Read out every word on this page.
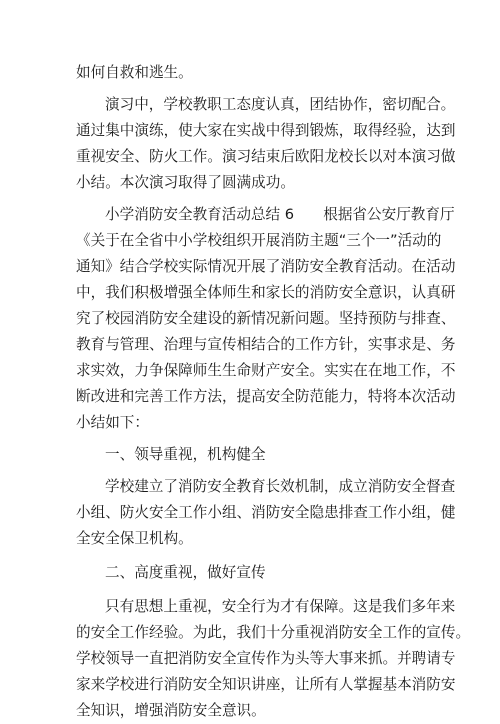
如何自救和逃生。
演习中，学校教职工态度认真，团结协作，密切配合。
通过集中演练，使大家在实战中得到锻炼，取得经验，达到
重视安全、防火工作。演习结束后欧阳龙校长以对本演习做
小结。本次演习取得了圆满成功。
小学消防安全教育活动总结 6　　根据省公安厅教育厅
《关于在全省中小学校组织开展消防主题“三个一”活动的
通知》结合学校实际情况开展了消防安全教育活动。在活动
中，我们积极增强全体师生和家长的消防安全意识，认真研
究了校园消防安全建设的新情况新问题。坚持预防与排查、
教育与管理、治理与宣传相结合的工作方针，实事求是、务
求实效，力争保障师生生命财产安全。实实在在地工作，不
断改进和完善工作方法，提高安全防范能力，特将本次活动
小结如下：
一、领导重视，机构健全
学校建立了消防安全教育长效机制，成立消防安全督查
小组、防火安全工作小组、消防安全隐患排查工作小组，健
全安全保卫机构。
二、高度重视，做好宣传
只有思想上重视，安全行为才有保障。这是我们多年来
的安全工作经验。为此，我们十分重视消防安全工作的宣传。
学校领导一直把消防安全宣传作为头等大事来抓。并聘请专
家来学校进行消防安全知识讲座，让所有人掌握基本消防安
全知识，增强消防安全意识。
